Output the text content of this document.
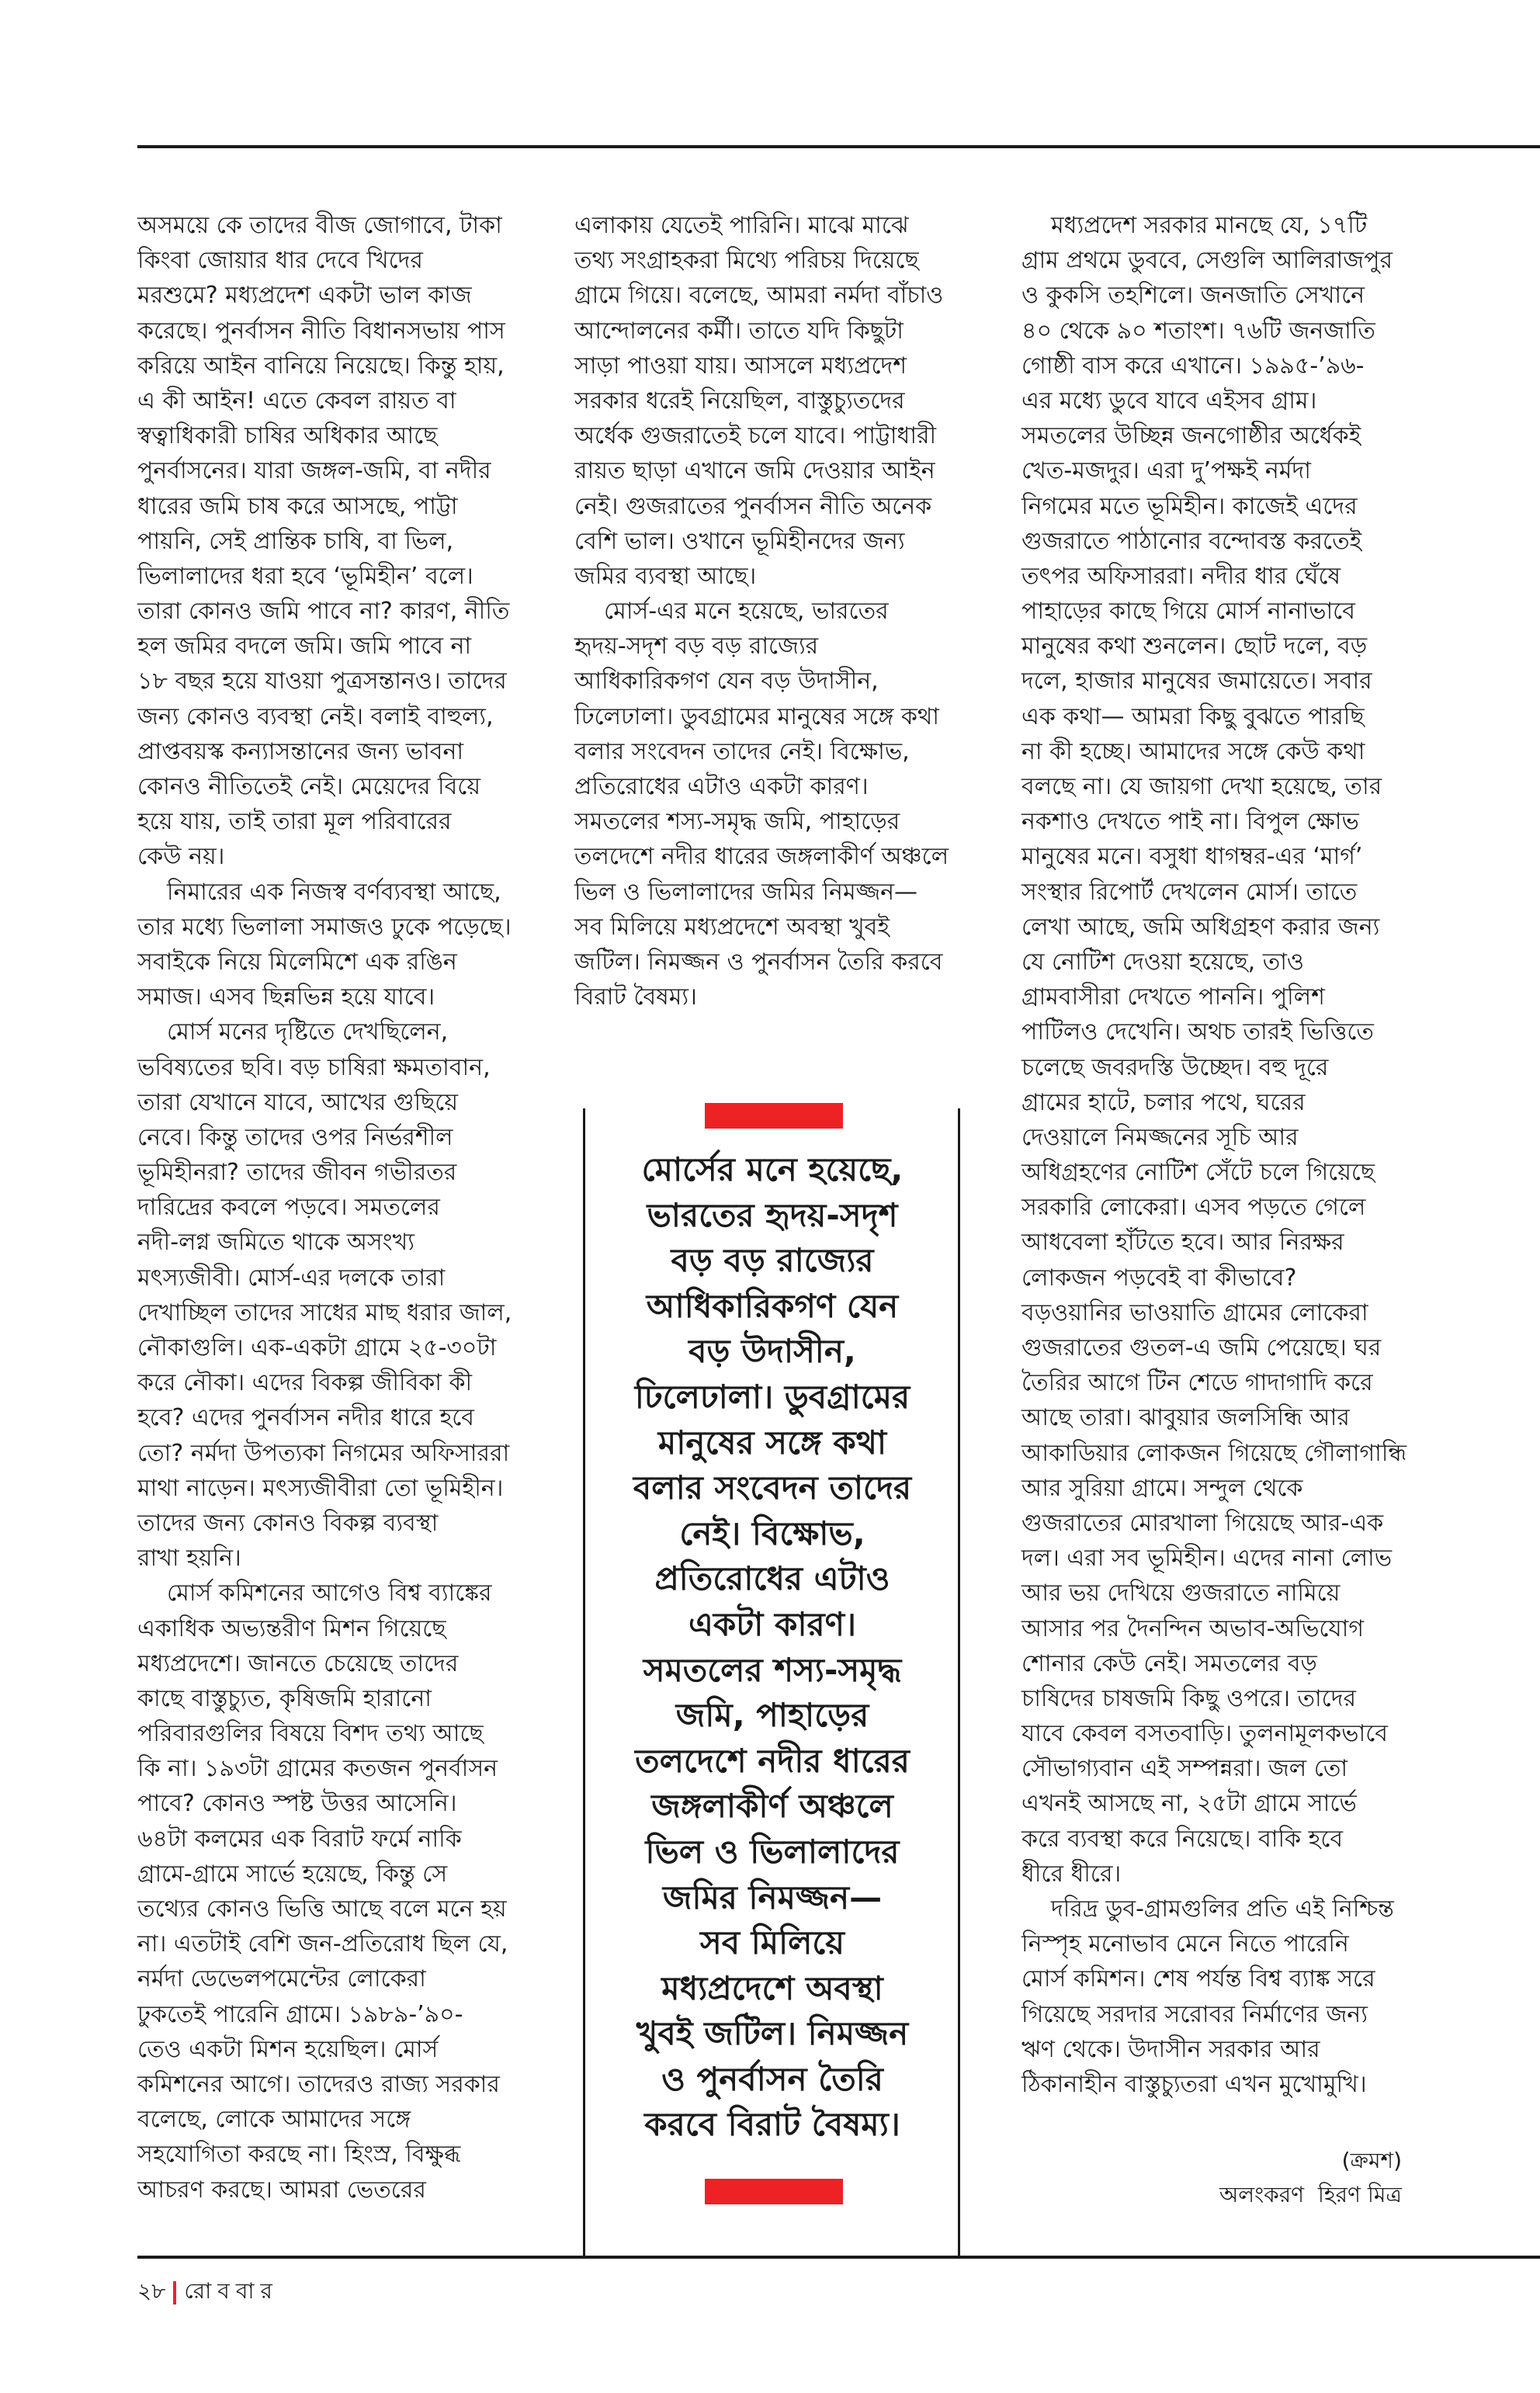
অসময়ে কে তাদের বীজ জোগাবে, টাকা
কিংবা জোয়ার ধার দেবে খিদের
মরশুমে? মধ্যপ্রদেশ একটা ভাল কাজ
করেছে। পুনর্বাসন নীতি বিধানসভায় পাস
করিয়ে আইন বানিয়ে নিয়েছে। কিন্তু হায়,
এ কী আইন! এতে কেবল রায়ত বা
স্বত্বাধিকারী চাষির অধিকার আছে
পুনর্বাসনের। যারা জঙ্গল-জমি, বা নদীর
ধারের জমি চাষ করে আসছে, পাট্টা
পায়নি, সেই প্রান্তিক চাষি, বা ভিল,
ভিলালাদের ধরা হবে ‘ভূমিহীন’ বলে।
তারা কোনও জমি পাবে না? কারণ, নীতি
হল জমির বদলে জমি। জমি পাবে না
১৮ বছর হয়ে যাওয়া পুত্রসন্তানও। তাদের
জন্য কোনও ব্যবস্থা নেই। বলাই বাহুল্য,
প্রাপ্তবয়স্ক কন্যাসন্তানের জন্য ভাবনা
কোনও নীতিতেই নেই। মেয়েদের বিয়ে
হয়ে যায়, তাই তারা মূল পরিবারের
কেউ নয়।
নিমারের এক নিজস্ব বর্ণব্যবস্থা আছে,
তার মধ্যে ভিলালা সমাজও ঢুকে পড়েছে।
সবাইকে নিয়ে মিলেমিশে এক রঙিন
সমাজ। এসব ছিন্নভিন্ন হয়ে যাবে।
মোর্স মনের দৃষ্টিতে দেখছিলেন,
ভবিষ্যতের ছবি। বড় চাষিরা ক্ষমতাবান,
তারা যেখানে যাবে, আখের গুছিয়ে
নেবে। কিন্তু তাদের ওপর নির্ভরশীল
ভূমিহীনরা? তাদের জীবন গভীরতর
দারিদ্রের কবলে পড়বে। সমতলের
নদী-লগ্ন জমিতে থাকে অসংখ্য
মৎস্যজীবী। মোর্স-এর দলকে তারা
দেখাচ্ছিল তাদের সাধের মাছ ধরার জাল,
নৌকাগুলি। এক-একটা গ্রামে ২৫-৩০টা
করে নৌকা। এদের বিকল্প জীবিকা কী
হবে? এদের পুনর্বাসন নদীর ধারে হবে
তো? নর্মদা উপত্যকা নিগমের অফিসাররা
মাথা নাড়েন। মৎস্যজীবীরা তো ভূমিহীন।
তাদের জন্য কোনও বিকল্প ব্যবস্থা
রাখা হয়নি।
মোর্স কমিশনের আগেও বিশ্ব ব্যাঙ্কের
একাধিক অভ্যন্তরীণ মিশন গিয়েছে
মধ্যপ্রদেশে। জানতে চেয়েছে তাদের
কাছে বাস্তুচ্যুত, কৃষিজমি হারানো
পরিবারগুলির বিষয়ে বিশদ তথ্য আছে
কি না। ১৯৩টা গ্রামের কতজন পুনর্বাসন
পাবে? কোনও স্পষ্ট উত্তর আসেনি।
৬৪টা কলমের এক বিরাট ফর্মে নাকি
গ্রামে-গ্রামে সার্ভে হয়েছে, কিন্তু সে
তথ্যের কোনও ভিত্তি আছে বলে মনে হয়
না। এতটাই বেশি জন-প্রতিরোধ ছিল যে,
নর্মদা ডেভেলপমেন্টের লোকেরা
ঢুকতেই পারেনি গ্রামে। ১৯৮৯-’৯০-
তেও একটা মিশন হয়েছিল। মোর্স
কমিশনের আগে। তাদেরও রাজ্য সরকার
বলেছে, লোকে আমাদের সঙ্গে
সহযোগিতা করছে না। হিংস্র, বিক্ষুব্ধ
আচরণ করছে। আমরা ভেতরের
এলাকায় যেতেই পারিনি। মাঝে মাঝে
তথ্য সংগ্রাহকরা মিথ্যে পরিচয় দিয়েছে
গ্রামে গিয়ে। বলেছে, আমরা নর্মদা বাঁচাও
আন্দোলনের কর্মী। তাতে যদি কিছুটা
সাড়া পাওয়া যায়। আসলে মধ্যপ্রদেশ
সরকার ধরেই নিয়েছিল, বাস্তুচ্যুতদের
অর্ধেক গুজরাতেই চলে যাবে। পাট্টাধারী
রায়ত ছাড়া এখানে জমি দেওয়ার আইন
নেই। গুজরাতের পুনর্বাসন নীতি অনেক
বেশি ভাল। ওখানে ভূমিহীনদের জন্য
জমির ব্যবস্থা আছে।
মোর্স-এর মনে হয়েছে, ভারতের
হৃদয়-সদৃশ বড় বড় রাজ্যের
আধিকারিকগণ যেন বড় উদাসীন,
ঢিলেঢালা। ডুবগ্রামের মানুষের সঙ্গে কথা
বলার সংবেদন তাদের নেই। বিক্ষোভ,
প্রতিরোধের এটাও একটা কারণ।
সমতলের শস্য-সমৃদ্ধ জমি, পাহাড়ের
তলদেশে নদীর ধারের জঙ্গলাকীর্ণ অঞ্চলে
ভিল ও ভিলালাদের জমির নিমজ্জন—
সব মিলিয়ে মধ্যপ্রদেশে অবস্থা খুবই
জটিল। নিমজ্জন ও পুনর্বাসন তৈরি করবে
বিরাট বৈষম্য।
মধ্যপ্রদেশ সরকার মানছে যে, ১৭টি
গ্রাম প্রথমে ডুববে, সেগুলি আলিরাজপুর
ও কুকসি তহশিলে। জনজাতি সেখানে
৪০ থেকে ৯০ শতাংশ। ৭৬টি জনজাতি
গোষ্ঠী বাস করে এখানে। ১৯৯৫-’৯৬-
এর মধ্যে ডুবে যাবে এইসব গ্রাম।
সমতলের উচ্ছিন্ন জনগোষ্ঠীর অর্ধেকই
খেত-মজদুর। এরা দু’পক্ষই নর্মদা
নিগমের মতে ভূমিহীন। কাজেই এদের
গুজরাতে পাঠানোর বন্দোবস্ত করতেই
তৎপর অফিসাররা। নদীর ধার ঘেঁষে
পাহাড়ের কাছে গিয়ে মোর্স নানাভাবে
মানুষের কথা শুনলেন। ছোট দলে, বড়
দলে, হাজার মানুষের জমায়েতে। সবার
এক কথা— আমরা কিছু বুঝতে পারছি
না কী হচ্ছে। আমাদের সঙ্গে কেউ কথা
বলছে না। যে জায়গা দেখা হয়েছে, তার
নকশাও দেখতে পাই না। বিপুল ক্ষোভ
মানুষের মনে। বসুধা ধাগম্বর-এর ‘মার্গ’
সংস্থার রিপোর্ট দেখলেন মোর্স। তাতে
লেখা আছে, জমি অধিগ্রহণ করার জন্য
যে নোটিশ দেওয়া হয়েছে, তাও
গ্রামবাসীরা দেখতে পাননি। পুলিশ
পাটিলও দেখেনি। অথচ তারই ভিত্তিতে
চলেছে জবরদস্তি উচ্ছেদ। বহু দূরে
গ্রামের হাটে, চলার পথে, ঘরের
দেওয়ালে নিমজ্জনের সূচি আর
অধিগ্রহণের নোটিশ সেঁটে চলে গিয়েছে
সরকারি লোকেরা। এসব পড়তে গেলে
আধবেলা হাঁটতে হবে। আর নিরক্ষর
লোকজন পড়বেই বা কীভাবে?
বড়ওয়ানির ভাওয়াতি গ্রামের লোকেরা
গুজরাতের গুতল-এ জমি পেয়েছে। ঘর
তৈরির আগে টিন শেডে গাদাগাদি করে
আছে তারা। ঝাবুয়ার জলসিন্ধি আর
আকাডিয়ার লোকজন গিয়েছে গৌলাগান্ধি
আর সুরিয়া গ্রামে। সন্দুল থেকে
গুজরাতের মোরখালা গিয়েছে আর-এক
দল। এরা সব ভূমিহীন। এদের নানা লোভ
আর ভয় দেখিয়ে গুজরাতে নামিয়ে
আসার পর দৈনন্দিন অভাব-অভিযোগ
শোনার কেউ নেই। সমতলের বড়
চাষিদের চাষজমি কিছু ওপরে। তাদের
যাবে কেবল বসতবাড়ি। তুলনামূলকভাবে
সৌভাগ্যবান এই সম্পন্নরা। জল তো
এখনই আসছে না, ২৫টা গ্রামে সার্ভে
করে ব্যবস্থা করে নিয়েছে। বাকি হবে
ধীরে ধীরে।
দরিদ্র ডুব-গ্রামগুলির প্রতি এই নিশ্চিন্ত
নিস্পৃহ মনোভাব মেনে নিতে পারেনি
মোর্স কমিশন। শেষ পর্যন্ত বিশ্ব ব্যাঙ্ক সরে
গিয়েছে সরদার সরোবর নির্মাণের জন্য
ঋণ থেকে। উদাসীন সরকার আর
ঠিকানাহীন বাস্তুচ্যুতরা এখন মুখোমুখি।
মোর্সের মনে হয়েছে,
ভারতের হৃদয়-সদৃশ
বড় বড় রাজ্যের
আধিকারিকগণ যেন
বড় উদাসীন,
ঢিলেঢালা। ডুবগ্রামের
মানুষের সঙ্গে কথা
বলার সংবেদন তাদের
নেই। বিক্ষোভ,
প্রতিরোধের এটাও
একটা কারণ।
সমতলের শস্য-সমৃদ্ধ
জমি, পাহাড়ের
তলদেশে নদীর ধারের
জঙ্গলাকীর্ণ অঞ্চলে
ভিল ও ভিলালাদের
জমির নিমজ্জন—
সব মিলিয়ে
মধ্যপ্রদেশে অবস্থা
খুবই জটিল। নিমজ্জন
ও পুনর্বাসন তৈরি
করবে বিরাট বৈষম্য।
(ক্রমশ)
অলংকরণ  হিরণ মিত্র
২৮ রোববার
